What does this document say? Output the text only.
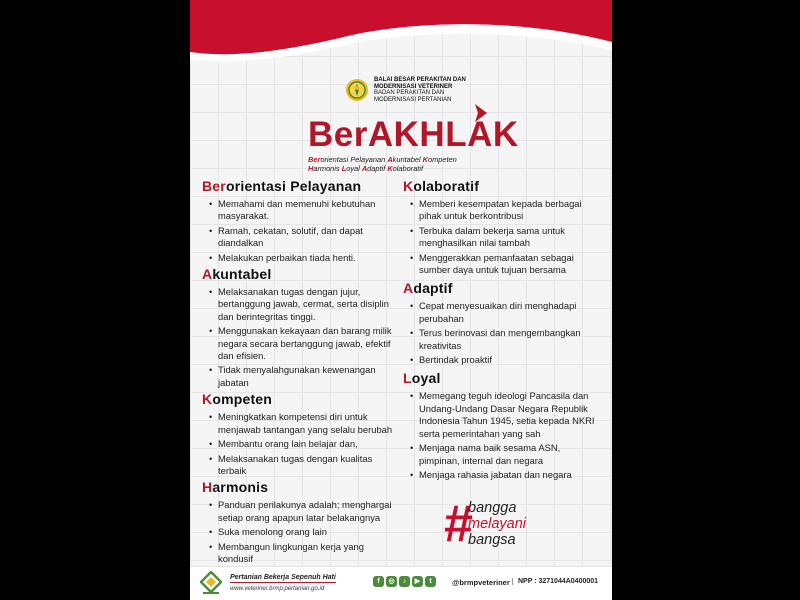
BALAI BESAR PERAKITAN DAN
MODERNISASI VETERINER
BADAN PERAKITAN DAN
MODERNISASI PERTANIAN
BerAKHLAK
Berorientasi Pelayanan Akuntabel Kompeten
Harmonis Loyal Adaptif Kolaboratif
Berorientasi Pelayanan
• Memahami dan memenuhi kebutuhan masyarakat.
• Ramah, cekatan, solutif, dan dapat diandalkan
• Melakukan perbaikan tiada henti.
Akuntabel
• Melaksanakan tugas dengan jujur, bertanggung jawab, cermat, serta disiplin dan berintegritas tinggi.
• Menggunakan kekayaan dan barang milik negara secara bertanggung jawab, efektif dan efisien.
• Tidak menyalahgunakan kewenangan jabatan
Kompeten
• Meningkatkan kompetensi diri untuk menjawab tantangan yang selalu berubah
• Membantu orang lain belajar dan,
• Melaksanakan tugas dengan kualitas terbaik
Harmonis
• Panduan perilakunya adalah; menghargai setiap orang apapun latar belakangnya
• Suka menolong orang lain
• Membangun lingkungan kerja yang kondusif
Kolaboratif
• Memberi kesempatan kepada berbagai pihak untuk berkontribusi
• Terbuka dalam bekerja sama untuk menghasilkan nilai tambah
• Menggerakkan pemanfaatan sebagai sumber daya untuk tujuan bersama
Adaptif
• Cepat menyesuaikan diri menghadapi perubahan
• Terus berinovasi dan mengembangkan kreativitas
• Bertindak proaktif
Loyal
• Memegang teguh ideologi Pancasila dan Undang-Undang Dasar Negara Republik Indonesia Tahun 1945, setia kepada NKRI serta pemerintahan yang sah
• Menjaga nama baik sesama ASN, pimpinan, internal dan negara
• Menjaga rahasia jabatan dan negara
#
bangga
melayani
bangsa
Pertanian Bekerja Sepenuh Hati
www.veteriner.brmp.pertanian.go.id
f	◎	♪	▶	t	@brmpveteriner	NPP : 3271044A0400001
